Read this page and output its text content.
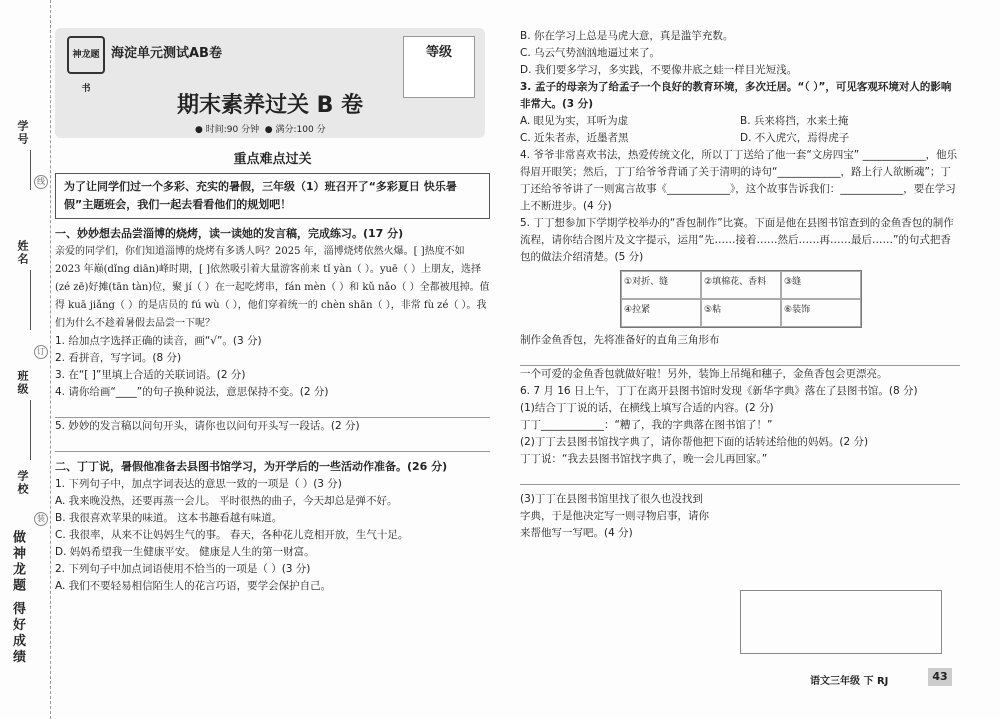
学号
线
姓名
订
班级
学校
装
做神龙题 得好成绩
神龙题书
海淀单元测试AB卷	等级
期末素养过关 B 卷
● 时间:90 分钟  ● 满分:100 分
重点难点过关
为了让同学们过一个多彩、充实的暑假，三年级（1）班召开了“多彩夏日 快乐暑假”主题班会，我们一起去看看他们的规划吧！
一、妙妙想去品尝淄博的烧烤，读一读她的发言稿，完成练习。(17 分)
亲爱的同学们，你们知道淄博的烧烤有多诱人吗？2025 年，淄博烧烤依然火爆。[ ]热度不如 2023 年巅(dǐng diān)峰时期，[ ]依然吸引着大量游客前来 tǐ yàn（ ）。yuē（ ）上朋友，选择(zé zē)好摊(tān tàn)位，聚 jí（ ）在一起吃烤串，fán mèn（ ）和 kǔ nǎo（ ）全都被甩掉。值得 kuā jiǎng（ ）的是店员的 fú wù（ ），他们穿着统一的 chèn shān（ ），非常 fù zé（ ）。我们为什么不趁着暑假去品尝一下呢？
1. 给加点字选择正确的读音，画“√”。(3 分)
2. 看拼音，写字词。(8 分)
3. 在“[ ]”里填上合适的关联词语。(2 分)
4. 请你给画“____”的句子换种说法，意思保持不变。(2 分)
5. 妙妙的发言稿以问句开头，请你也以问句开头写一段话。(2 分)
二、丁丁说，暑假他准备去县图书馆学习，为开学后的一些活动作准备。(26 分)
1. 下列句子中，加点字词表达的意思一致的一项是（ ）(3 分)
A. 我来晚没热，还要再蒸一会儿。 平时很热的曲子，今天却总是弹不好。
B. 我很喜欢苹果的味道。 这本书趣看越有味道。
C. 我很率，从来不让妈妈生气的事。 春天，各种花儿竞相开放，生气十足。
D. 妈妈希望我一生健康平安。 健康是人生的第一财富。
2. 下列句子中加点词语使用不恰当的一项是（ ）(3 分)
A. 我们不要轻易相信陌生人的花言巧语，要学会保护自己。
B. 你在学习上总是马虎大意，真是滥竽充数。
C. 乌云气势汹汹地逼过来了。
D. 我们要多学习，多实践，不要像井底之蛙一样目光短浅。
3. 孟子的母亲为了给孟子一个良好的教育环境，多次迁居。“（ ）”，可见客观环境对人的影响非常大。(3 分)
A. 眼见为实，耳听为虚	B. 兵来将挡，水来土掩
C. 近朱者赤，近墨者黑	D. 不入虎穴，焉得虎子
4. 爷爷非常喜欢书法，热爱传统文化，所以丁丁送给了他一套“文房四宝” ____________，他乐得眉开眼笑；然后，丁丁给爷爷背诵了关于清明的诗句“____________，路上行人欲断魂”；丁丁还给爷爷讲了一则寓言故事《____________》，这个故事告诉我们：____________，要在学习上不断进步。(4 分)
5. 丁丁想参加下学期学校举办的“香包制作”比赛。下面是他在县图书馆查到的金鱼香包的制作流程，请你结合图片及文字提示，运用“先……接着……然后……再……最后……”的句式把香包的做法介绍清楚。(5 分)
①对折、缝	②填棉花、香料	③缝
④拉紧	⑤粘	⑥装饰
制作金鱼香包，先将准备好的直角三角形布
一个可爱的金鱼香包就做好啦！另外，装饰上吊绳和穗子，金鱼香包会更漂亮。
6. 7 月 16 日上午，丁丁在离开县图书馆时发现《新华字典》落在了县图书馆。(8 分)
(1)结合丁丁说的话，在横线上填写合适的内容。(2 分)
丁丁____________：“糟了，我的字典落在图书馆了！”
(2)丁丁去县图书馆找字典了，请你帮他把下面的话转述给他的妈妈。(2 分)
丁丁说：“我去县图书馆找字典了，晚一会儿再回家。”
(3)丁丁在县图书馆里找了很久也没找到字典，于是他决定写一则寻物启事，请你来帮他写一写吧。(4 分)
语文三年级 下 RJ	43
